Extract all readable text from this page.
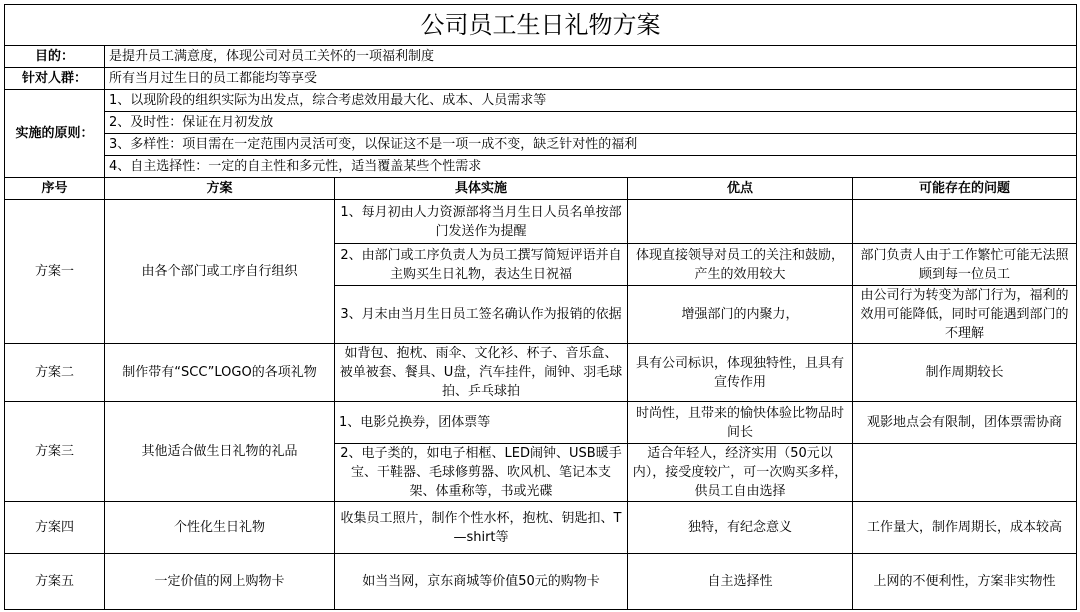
公司员工生日礼物方案				
目的：	是提升员工满意度，体现公司对员工关怀的一项福利制度			
针对人群：	所有当月过生日的员工都能均等享受			
实施的原则：	1、以现阶段的组织实际为出发点，综合考虑效用最大化、成本、人员需求等			
	2、及时性：保证在月初发放			
	3、多样性：项目需在一定范围内灵活可变，以保证这不是一项一成不变，缺乏针对性的福利			
	4、自主选择性：一定的自主性和多元性，适当覆盖某些个性需求			
序号	方案	具体实施	优点	可能存在的问题
方案一	由各个部门或工序自行组织	1、每月初由人力资源部将当月生日人员名单按部门发送作为提醒		
		2、由部门或工序负责人为员工撰写简短评语并自主购买生日礼物，表达生日祝福	体现直接领导对员工的关注和鼓励，产生的效用较大	部门负责人由于工作繁忙可能无法照顾到每一位员工
		3、月末由当月生日员工签名确认作为报销的依据	增强部门的内聚力，	由公司行为转变为部门行为，福利的效用可能降低，同时可能遇到部门的不理解
方案二	制作带有“SCC”LOGO的各项礼物	如背包、抱枕、雨伞、文化衫、杯子、音乐盒、被单被套、餐具、U盘，汽车挂件，闹钟、羽毛球拍、乒乓球拍	具有公司标识，体现独特性，且具有宣传作用	制作周期较长
方案三	其他适合做生日礼物的礼品	1、电影兑换券，团体票等	时尚性，且带来的愉快体验比物品时间长	观影地点会有限制，团体票需协商
		2、电子类的，如电子相框、LED闹钟、USB暖手宝、干鞋器、毛球修剪器、吹风机、笔记本支架、体重称等，书或光碟	适合年轻人，经济实用（50元以内），接受度较广，可一次购买多样，供员工自由选择	
方案四	个性化生日礼物	收集员工照片，制作个性水杯，抱枕、钥匙扣、T—shirt等	独特，有纪念意义	工作量大，制作周期长，成本较高
方案五	一定价值的网上购物卡	如当当网，京东商城等价值50元的购物卡	自主选择性	上网的不便利性，方案非实物性
